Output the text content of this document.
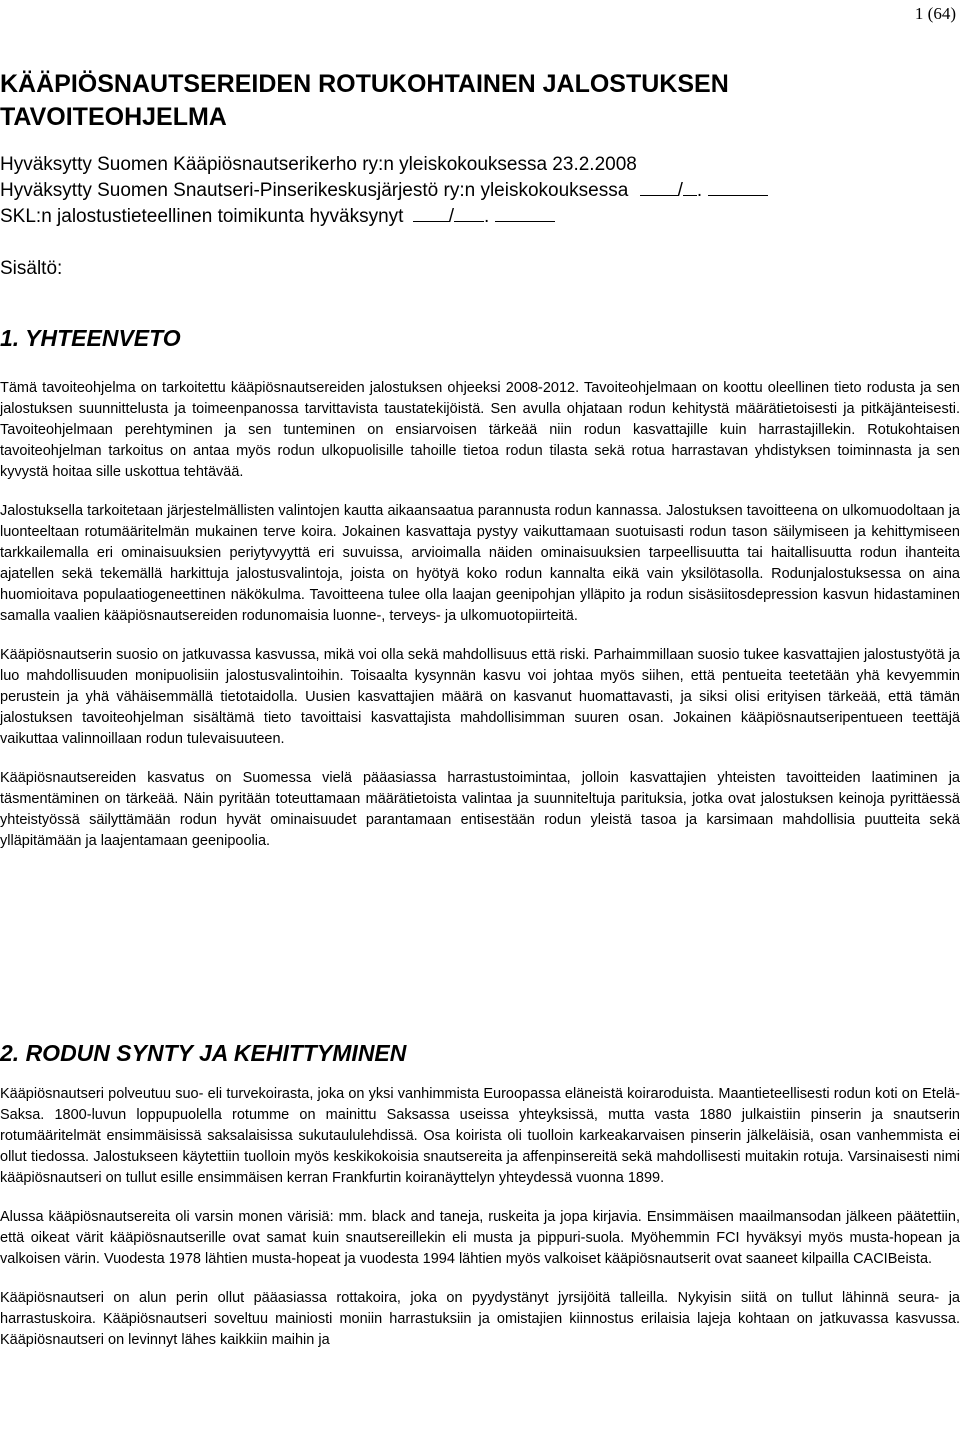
1 (64)
KÄÄPIÖSNAUTSEREIDEN ROTUKOHTAINEN JALOSTUKSEN TAVOITEOHJELMA
Hyväksytty Suomen Kääpiösnautserikerho ry:n yleiskokouksessa 23.2.2008
Hyväksytty Suomen Snautseri-Pinserikeskusjärjestö ry:n yleiskokouksessa	/ .
SKL:n jalostustieteellinen toimikunta hyväksynyt / .
Sisältö:
1. YHTEENVETO

Tämä tavoiteohjelma on tarkoitettu kääpiösnautsereiden jalostuksen ohjeeksi 2008-2012. Tavoiteohjelmaan on koottu oleellinen tieto rodusta ja sen jalostuksen suunnittelusta ja toimeenpanossa tarvittavista taustatekijöistä. Sen avulla ohjataan rodun kehitystä määrätietoisesti ja pitkäjänteisesti. Tavoiteohjelmaan perehtyminen ja sen tunteminen on ensiarvoisen tärkeää niin rodun kasvattajille kuin harrastajillekin. Rotukohtaisen tavoiteohjelman tarkoitus on antaa myös rodun ulkopuolisille tahoille tietoa rodun tilasta sekä rotua harrastavan yhdistyksen toiminnasta ja sen kyvystä hoitaa sille uskottua tehtävää.

Jalostuksella tarkoitetaan järjestelmällisten valintojen kautta aikaansaatua parannusta rodun kannassa. Jalostuksen tavoitteena on ulkomuodoltaan ja luonteeltaan rotumääritelmän mukainen terve koira. Jokainen kasvattaja pystyy vaikuttamaan suotuisasti rodun tason säilymiseen ja kehittymiseen tarkkailemalla eri ominaisuuksien periytyvyyttä eri suvuissa, arvioimalla näiden ominaisuuksien tarpeellisuutta tai haitallisuutta rodun ihanteita ajatellen sekä tekemällä harkittuja jalostusvalintoja, joista on hyötyä koko rodun kannalta eikä vain yksilötasolla. Rodunjalostuksessa on aina huomioitava populaatiogeneettinen näkökulma. Tavoitteena tulee olla laajan geenipohjan ylläpito ja rodun sisäsiitosdepression kasvun hidastaminen samalla vaalien kääpiösnautsereiden rodunomaisia luonne-, terveys- ja ulkomuotopiirteitä.

Kääpiösnautserin suosio on jatkuvassa kasvussa, mikä voi olla sekä mahdollisuus että riski. Parhaimmillaan suosio tukee kasvattajien jalostustyötä ja luo mahdollisuuden monipuolisiin jalostusvalintoihin. Toisaalta kysynnän kasvu voi johtaa myös siihen, että pentueita teetetään yhä kevyemmin perustein ja yhä vähäisemmällä tietotaidolla. Uusien kasvattajien määrä on kasvanut huomattavasti, ja siksi olisi erityisen tärkeää, että tämän jalostuksen tavoiteohjelman sisältämä tieto tavoittaisi kasvattajista mahdollisimman suuren osan. Jokainen kääpiösnautseripentueen teettäjä vaikuttaa valinnoillaan rodun tulevaisuuteen.

Kääpiösnautsereiden kasvatus on Suomessa vielä pääasiassa harrastustoimintaa, jolloin kasvattajien yhteisten tavoitteiden laatiminen ja täsmentäminen on tärkeää. Näin pyritään toteuttamaan määrätietoista valintaa ja suunniteltuja parituksia, jotka ovat jalostuksen keinoja pyrittäessä yhteistyössä säilyttämään rodun hyvät ominaisuudet parantamaan entisestään rodun yleistä tasoa ja karsimaan mahdollisia puutteita sekä ylläpitämään ja laajentamaan geenipoolia.

2. RODUN SYNTY JA KEHITTYMINEN

Kääpiösnautseri polveutuu suo- eli turvekoirasta, joka on yksi vanhimmista Euroopassa eläneistä koiraroduista. Maantieteellisesti rodun koti on Etelä-Saksa. 1800-luvun loppupuolella rotumme on mainittu Saksassa useissa yhteyksissä, mutta vasta 1880 julkaistiin pinserin ja snautserin rotumääritelmät ensimmäisissä saksalaisissa sukutaululehdissä. Osa koirista oli tuolloin karkeakarvaisen pinserin jälkeläisiä, osan vanhemmista ei ollut tiedossa. Jalostukseen käytettiin tuolloin myös keskikokoisia snautsereita ja affenpinsereitä sekä mahdollisesti muitakin rotuja. Varsinaisesti nimi kääpiösnautseri on tullut esille ensimmäisen kerran Frankfurtin koiranäyttelyn yhteydessä vuonna 1899.

Alussa kääpiösnautsereita oli varsin monen värisiä: mm. black and taneja, ruskeita ja jopa kirjavia. Ensimmäisen maailmansodan jälkeen päätettiin, että oikeat värit kääpiösnautserille ovat samat kuin snautsereillekin eli musta ja pippuri-suola. Myöhemmin FCI hyväksyi myös musta-hopean ja valkoisen värin. Vuodesta 1978 lähtien musta-hopeat ja vuodesta 1994 lähtien myös valkoiset kääpiösnautserit ovat saaneet kilpailla CACIBeista.

Kääpiösnautseri on alun perin ollut pääasiassa rottakoira, joka on pyydystänyt jyrsijöitä talleilla. Nykyisin siitä on tullut lähinnä seura- ja harrastuskoira. Kääpiösnautseri soveltuu mainiosti moniin harrastuksiin ja omistajien kiinnostus erilaisia lajeja kohtaan on jatkuvassa kasvussa. Kääpiösnautseri on levinnyt lähes kaikkiin maihin ja
